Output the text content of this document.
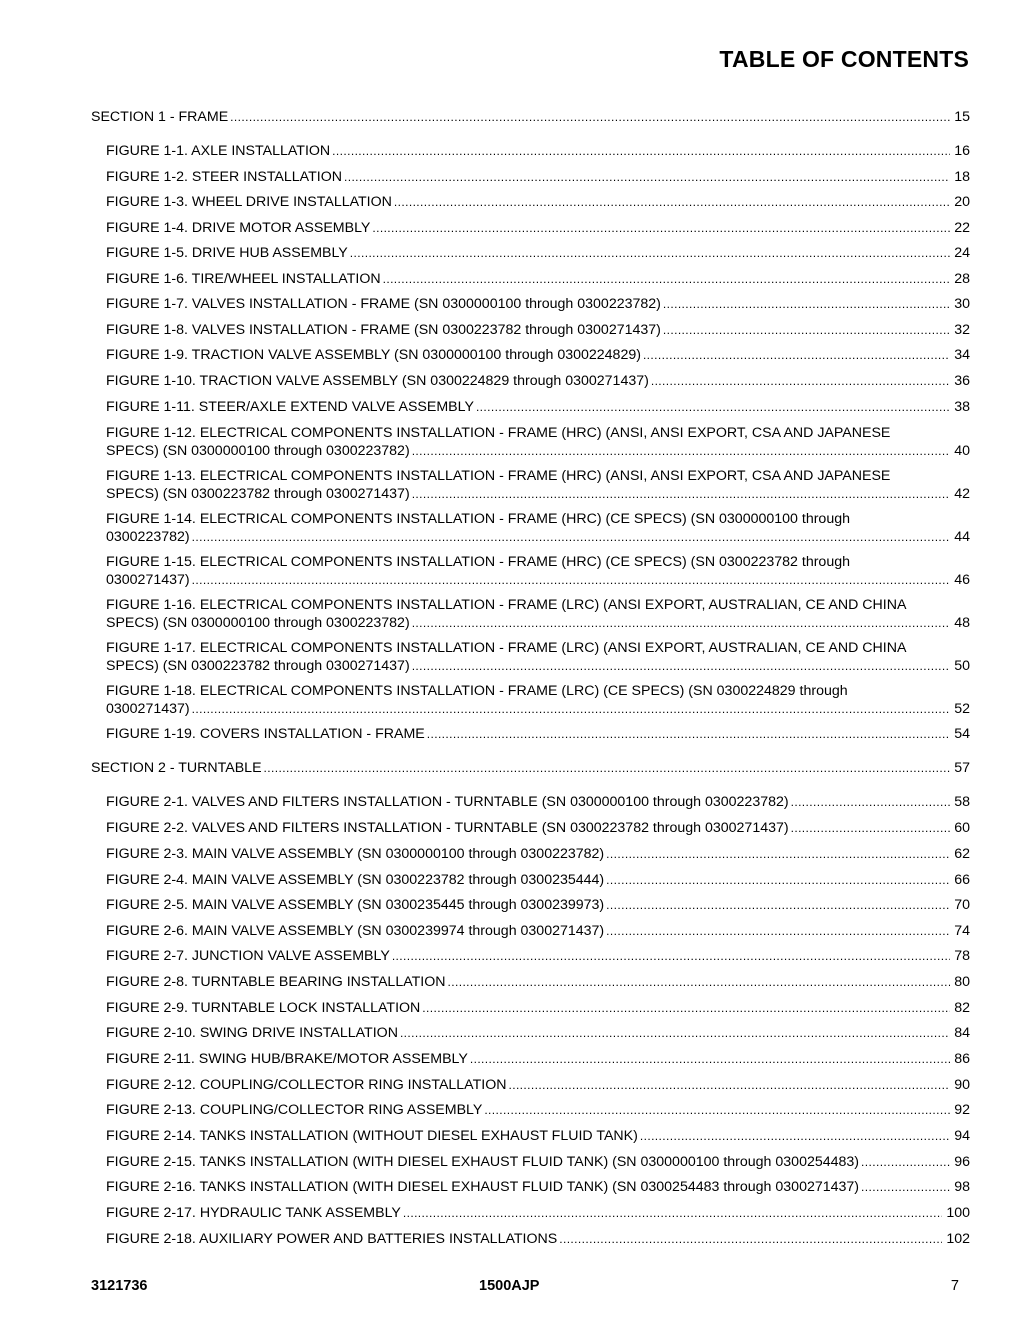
TABLE OF CONTENTS
SECTION 1 - FRAME .....	15
FIGURE 1-1. AXLE INSTALLATION .....	16
FIGURE 1-2. STEER INSTALLATION .....	18
FIGURE 1-3. WHEEL DRIVE INSTALLATION .....	20
FIGURE 1-4. DRIVE MOTOR ASSEMBLY .....	22
FIGURE 1-5. DRIVE HUB ASSEMBLY .....	24
FIGURE 1-6. TIRE/WHEEL INSTALLATION .....	28
FIGURE 1-7. VALVES INSTALLATION - FRAME (SN 0300000100 through 0300223782) .....	30
FIGURE 1-8. VALVES INSTALLATION - FRAME (SN 0300223782 through 0300271437) .....	32
FIGURE 1-9. TRACTION VALVE ASSEMBLY (SN 0300000100 through 0300224829) .....	34
FIGURE 1-10. TRACTION VALVE ASSEMBLY (SN 0300224829 through 0300271437) .....	36
FIGURE 1-11. STEER/AXLE EXTEND VALVE ASSEMBLY .....	38
FIGURE 1-12. ELECTRICAL COMPONENTS INSTALLATION - FRAME (HRC) (ANSI, ANSI EXPORT, CSA AND JAPANESE
SPECS) (SN 0300000100 through 0300223782) .....	40
FIGURE 1-13. ELECTRICAL COMPONENTS INSTALLATION - FRAME (HRC) (ANSI, ANSI EXPORT, CSA AND JAPANESE
SPECS) (SN 0300223782 through 0300271437) .....	42
FIGURE 1-14. ELECTRICAL COMPONENTS INSTALLATION - FRAME (HRC) (CE SPECS) (SN 0300000100 through
0300223782) .....	44
FIGURE 1-15. ELECTRICAL COMPONENTS INSTALLATION - FRAME (HRC) (CE SPECS) (SN 0300223782 through
0300271437) .....	46
FIGURE 1-16. ELECTRICAL COMPONENTS INSTALLATION - FRAME (LRC) (ANSI EXPORT, AUSTRALIAN, CE AND CHINA
SPECS) (SN 0300000100 through 0300223782) .....	48
FIGURE 1-17. ELECTRICAL COMPONENTS INSTALLATION - FRAME (LRC) (ANSI EXPORT, AUSTRALIAN, CE AND CHINA
SPECS) (SN 0300223782 through 0300271437) .....	50
FIGURE 1-18. ELECTRICAL COMPONENTS INSTALLATION - FRAME (LRC) (CE SPECS) (SN 0300224829 through
0300271437) .....	52
FIGURE 1-19. COVERS INSTALLATION - FRAME .....	54
SECTION 2 - TURNTABLE .....	57
FIGURE 2-1. VALVES AND FILTERS INSTALLATION - TURNTABLE (SN 0300000100 through 0300223782) .....	58
FIGURE 2-2. VALVES AND FILTERS INSTALLATION - TURNTABLE (SN 0300223782 through 0300271437) .....	60
FIGURE 2-3. MAIN VALVE ASSEMBLY (SN 0300000100 through 0300223782) .....	62
FIGURE 2-4. MAIN VALVE ASSEMBLY (SN 0300223782 through 0300235444) .....	66
FIGURE 2-5. MAIN VALVE ASSEMBLY (SN 0300235445 through 0300239973) .....	70
FIGURE 2-6. MAIN VALVE ASSEMBLY (SN 0300239974 through 0300271437) .....	74
FIGURE 2-7. JUNCTION VALVE ASSEMBLY .....	78
FIGURE 2-8. TURNTABLE BEARING INSTALLATION .....	80
FIGURE 2-9. TURNTABLE LOCK INSTALLATION .....	82
FIGURE 2-10. SWING DRIVE INSTALLATION .....	84
FIGURE 2-11. SWING HUB/BRAKE/MOTOR ASSEMBLY .....	86
FIGURE 2-12. COUPLING/COLLECTOR RING INSTALLATION .....	90
FIGURE 2-13. COUPLING/COLLECTOR RING ASSEMBLY .....	92
FIGURE 2-14. TANKS INSTALLATION (WITHOUT DIESEL EXHAUST FLUID TANK) .....	94
FIGURE 2-15. TANKS INSTALLATION (WITH DIESEL EXHAUST FLUID TANK) (SN 0300000100 through 0300254483) .....	96
FIGURE 2-16. TANKS INSTALLATION (WITH DIESEL EXHAUST FLUID TANK) (SN 0300254483 through 0300271437) .....	98
FIGURE 2-17. HYDRAULIC TANK ASSEMBLY .....	100
FIGURE 2-18. AUXILIARY POWER AND BATTERIES INSTALLATIONS .....	102
3121736	1500AJP	7
